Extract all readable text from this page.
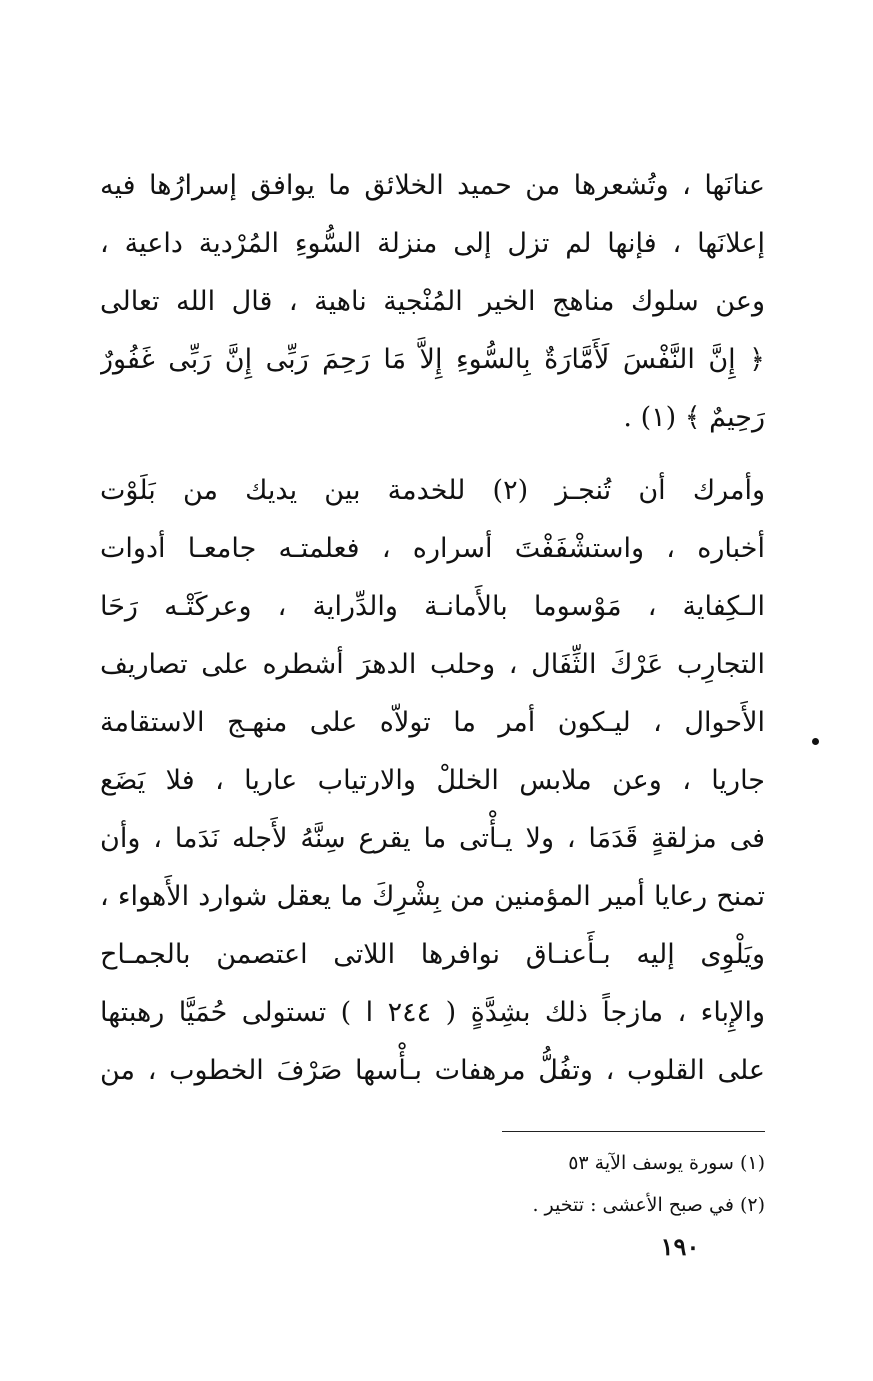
عنانَها ، وتُشعرها من حميد الخلائق ما يوافق إسرارُها فيه
إعلانَها ، فإنها لم تزل إلى منزلة السُّوءِ المُرْدية داعية ،
وعن سلوك مناهج الخير المُنْجية ناهية ، قال الله تعالى
﴿ إِنَّ النَّفْسَ لَأَمَّارَةٌ بِالسُّوءِ إِلاَّ مَا رَحِمَ رَبِّى إِنَّ رَبِّى غَفُورٌ
رَحِيمٌ ﴾ (١) .
وأمرك أن تُنجـز (٢) للخدمة بين يديك من بَلَوْت
أخباره ، واستشْفَفْتَ أسراره ، فعلمتـه جامعـا أدوات
الـكِفاية ، مَوْسوما بالأَمانـة والدِّراية ، وعركَتْـه رَحَا
التجارِب عَرْكَ الثِّفَال ، وحلب الدهرَ أشطره على تصاريف
الأَحوال ، ليـكون أمر ما تولاّه على منهـج الاستقامة
جاريا ، وعن ملابس الخللْ والارتياب عاريا ، فلا يَضَع
فى مزلقةٍ قَدَمَا ، ولا يـأْتى ما يقرع سِنَّهُ لأَجله نَدَما ، وأن
تمنح رعايا أمير المؤمنين من بِشْرِكَ ما يعقل شوارد الأَهواء ،
ويَلْوِى إليه بـأَعنـاق نوافرها اللاتى اعتصمن بالجمـاح
والإِباء ، مازجاً ذلك بشِدَّةٍ ( ٢٤٤ ا ) تستولى حُمَيَّا رهبتها
على القلوب ، وتفُلُّ مرهفات بـأْسها صَرْفَ الخطوب ، من
(١) سورة يوسف الآية ٥٣
(٢) في صبح الأعشى : تتخير .
١٩٠
